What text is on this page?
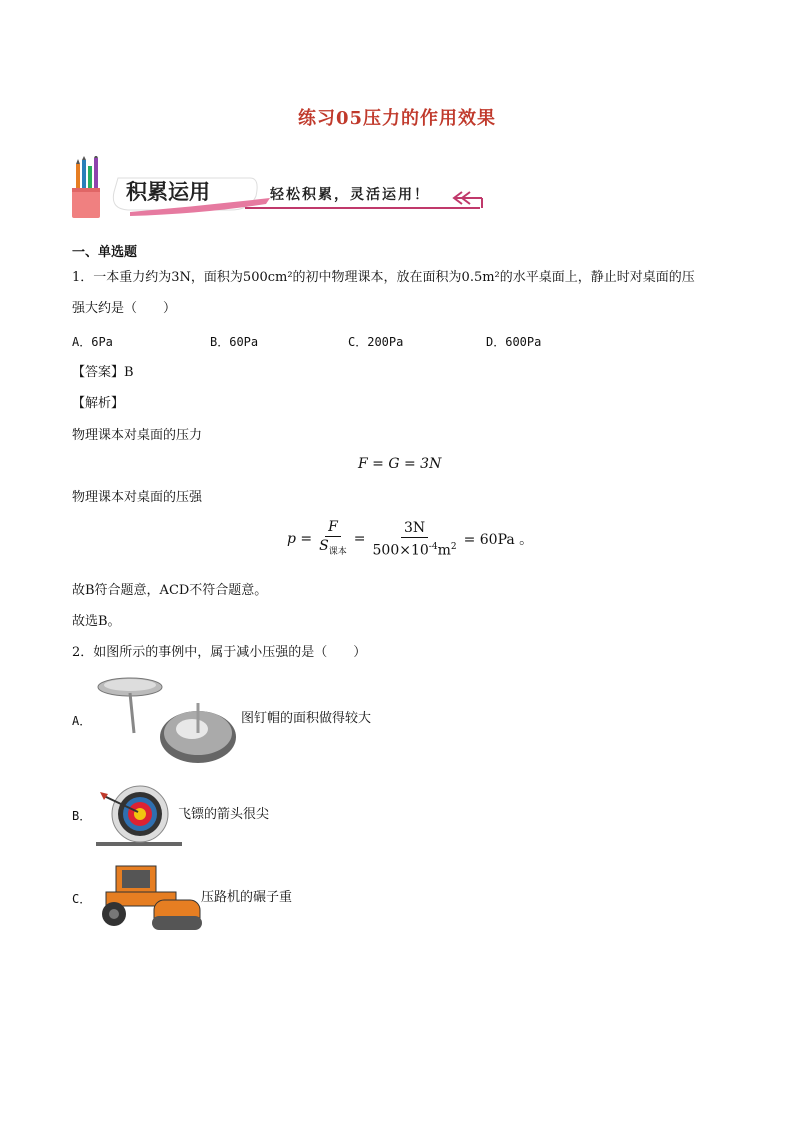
练习05压力的作用效果
积累运用	轻松积累，灵活运用！
一、单选题
1．一本重力约为3N，面积为500cm²的初中物理课本，放在面积为0.5m²的水平桌面上，静止时对桌面的压
强大约是（　　）
A．6Pa	B．60Pa	C．200Pa	D．600Pa
【答案】B
【解析】
物理课本对桌面的压力
F = G = 3N
物理课本对桌面的压强
$p = \frac{F}{S_{课本}} = \frac{3N}{500\times 10^{-4}m^2} = 60Pa$ 。
故B符合题意，ACD不符合题意。
故选B。
2．如图所示的事例中，属于减小压强的是（　　）
A．	图钉帽的面积做得较大
B．	飞镖的箭头很尖
C．	压路机的碾子重
